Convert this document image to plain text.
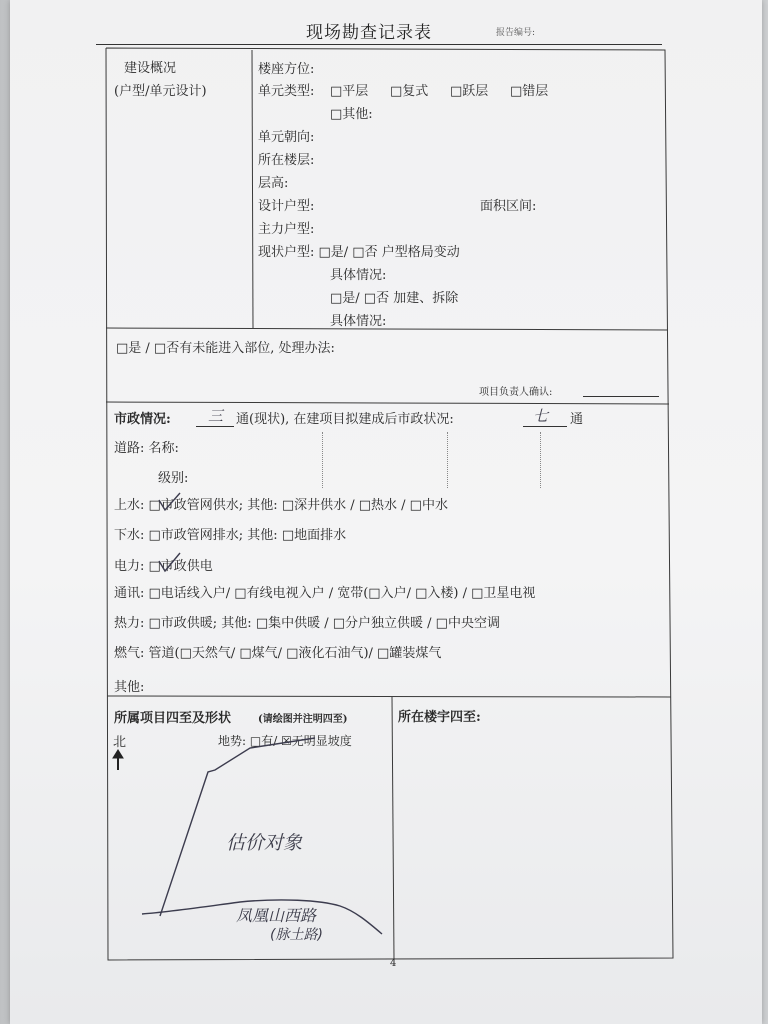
现场勘查记录表	报告编号:
建设概况
(户型/单元设计)
楼座方位:
单元类型: □平层 □复式 □跃层 □错层
□其他:
单元朝向:
所在楼层:
层高:
设计户型:	面积区间:
主力户型:
现状户型: □是/ □否 户型格局变动
具体情况:
□是/ □否 加建、拆除
具体情况:
□是 / □否有未能进入部位, 处理办法:
项目负责人确认:
市政情况: 三 通(现状), 在建项目拟建成后市政状况:	七 通
道路: 名称:
级别:
上水: □市政管网供水; 其他: □深井供水 / □热水 / □中水
下水: □市政管网排水; 其他: □地面排水
电力: □市政供电
通讯: □电话线入户/ □有线电视入户 / 宽带(□入户/ □入楼) / □卫星电视
热力: □市政供暖; 其他: □集中供暖 / □分户独立供暖 / □中央空调
燃气: 管道(□天然气/ □煤气/ □液化石油气)/ □罐装煤气
其他:
所属项目四至及形状	(请绘图并注明四至)
北	地势: □有/ ☒无明显坡度
所在楼宇四至:
估价对象
凤凰山西路
(脉土路)
4
